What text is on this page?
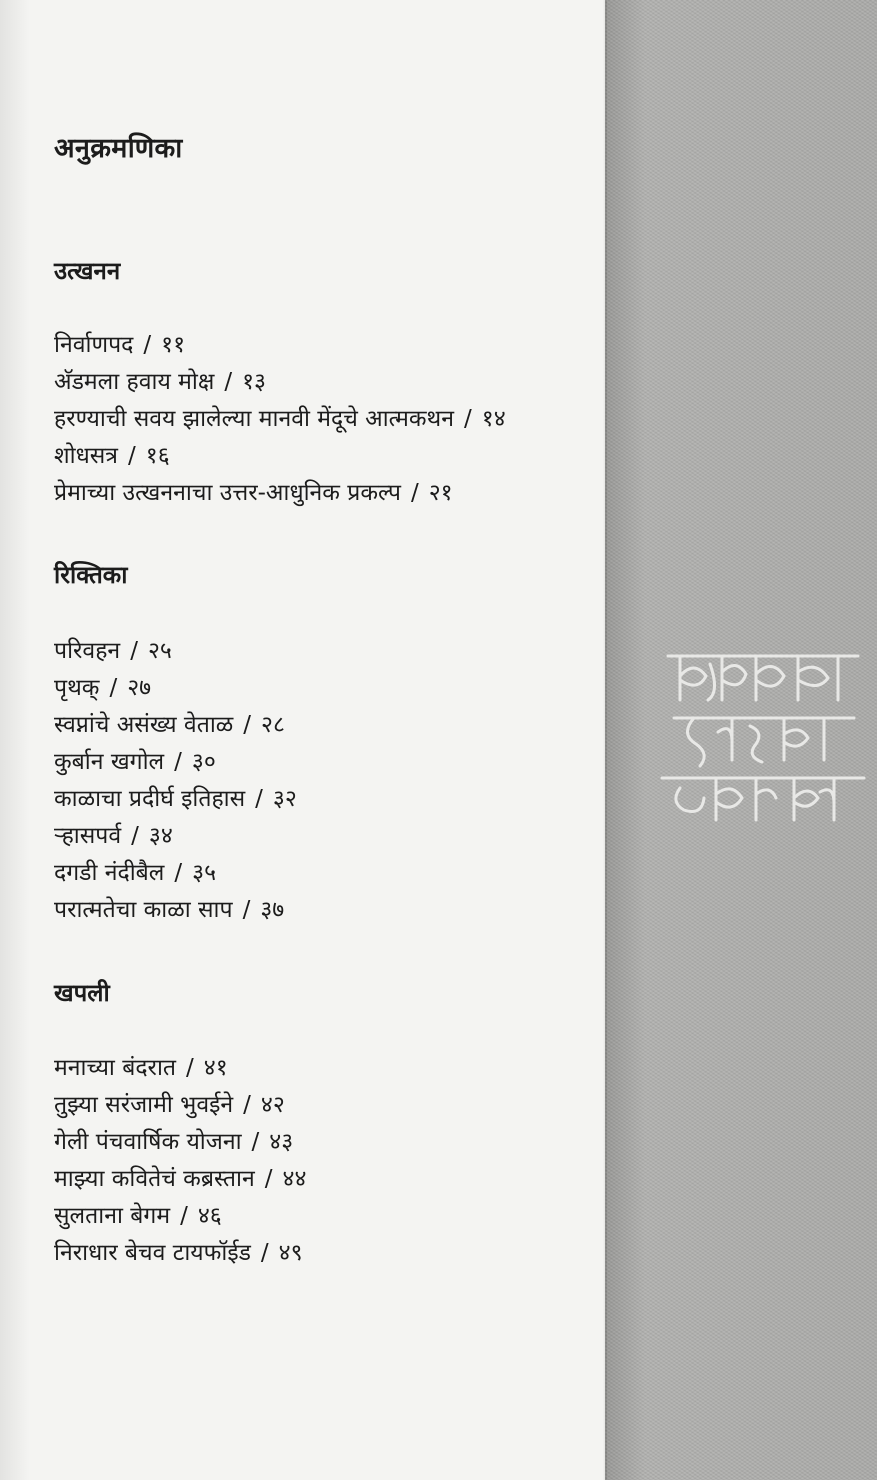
अनुक्रमणिका
उत्खनन
निर्वाणपद / ११
अ‍ॅडमला हवाय मोक्ष / १३
हरण्याची सवय झालेल्या मानवी मेंदूचे आत्मकथन / १४
शोधसत्र / १६
प्रेमाच्या उत्खननाचा उत्तर-आधुनिक प्रकल्प / २१
रिक्तिका
परिवहन / २५
पृथक् / २७
स्वप्नांचे असंख्य वेताळ / २८
कुर्बान खगोल / ३०
काळाचा प्रदीर्घ इतिहास / ३२
ऱ्हासपर्व / ३४
दगडी नंदीबैल / ३५
परात्मतेचा काळा साप / ३७
खपली
मनाच्या बंदरात / ४१
तुझ्या सरंजामी भुवईने / ४२
गेली पंचवार्षिक योजना / ४३
माझ्या कवितेचं कब्रस्तान / ४४
सुलताना बेगम / ४६
निराधार बेचव टायफॉईड / ४९
